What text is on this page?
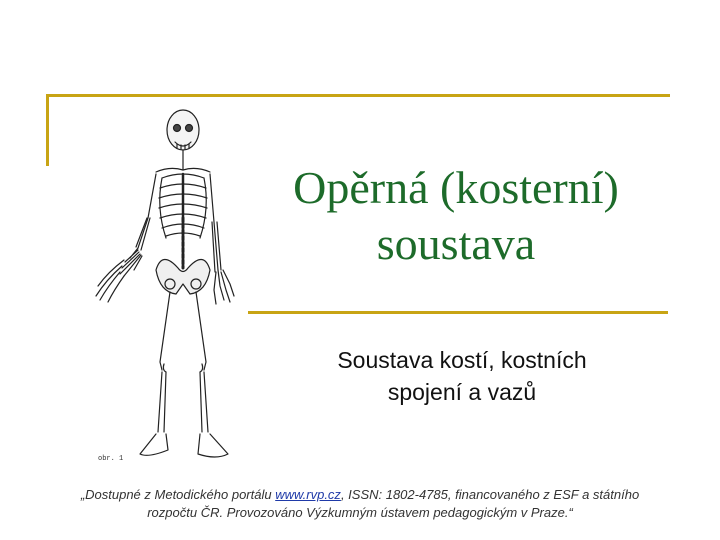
obr. 1
Opěrná (kosterní)
soustava
Soustava kostí, kostních
spojení a vazů
„Dostupné z Metodického portálu www.rvp.cz, ISSN: 1802-4785, financovaného z ESF a státního
rozpočtu ČR. Provozováno Výzkumným ústavem pedagogickým v Praze.“
